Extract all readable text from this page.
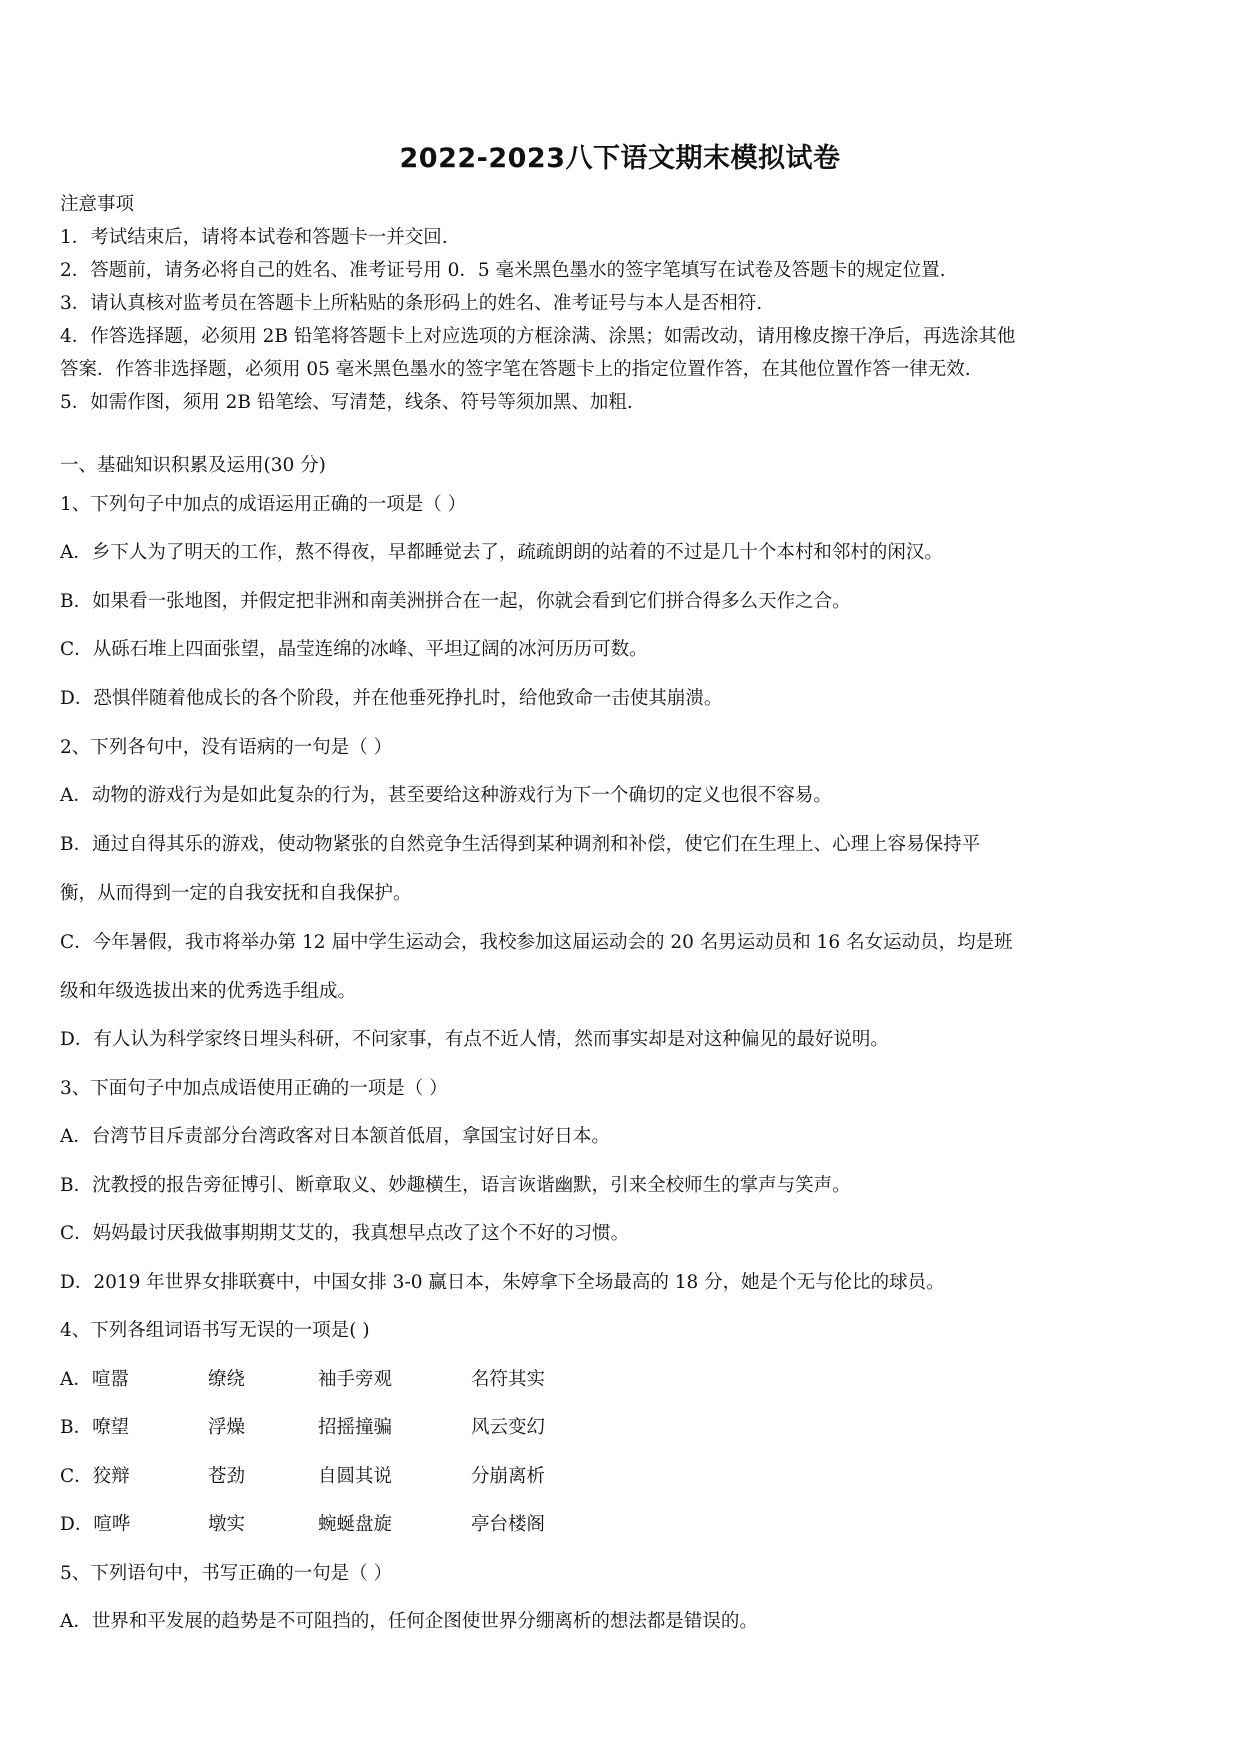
2022-2023八下语文期末模拟试卷
注意事项
1．考试结束后，请将本试卷和答题卡一并交回.
2．答题前，请务必将自己的姓名、准考证号用 0．5 毫米黑色墨水的签字笔填写在试卷及答题卡的规定位置.
3．请认真核对监考员在答题卡上所粘贴的条形码上的姓名、准考证号与本人是否相符.
4．作答选择题，必须用 2B 铅笔将答题卡上对应选项的方框涂满、涂黑；如需改动，请用橡皮擦干净后，再选涂其他
答案．作答非选择题，必须用 05 毫米黑色墨水的签字笔在答题卡上的指定位置作答，在其他位置作答一律无效.
5．如需作图，须用 2B 铅笔绘、写清楚，线条、符号等须加黑、加粗.
一、基础知识积累及运用(30 分)
1、下列句子中加点的成语运用正确的一项是（ ）
A．乡下人为了明天的工作，熬不得夜，早都睡觉去了，疏疏朗朗的站着的不过是几十个本村和邻村的闲汉。
B．如果看一张地图，并假定把非洲和南美洲拼合在一起，你就会看到它们拼合得多么天作之合。
C．从砾石堆上四面张望，晶莹连绵的冰峰、平坦辽阔的冰河历历可数。
D．恐惧伴随着他成长的各个阶段，并在他垂死挣扎时，给他致命一击使其崩溃。
2、下列各句中，没有语病的一句是（ ）
A．动物的游戏行为是如此复杂的行为，甚至要给这种游戏行为下一个确切的定义也很不容易。
B．通过自得其乐的游戏，使动物紧张的自然竞争生活得到某种调剂和补偿，使它们在生理上、心理上容易保持平
衡，从而得到一定的自我安抚和自我保护。
C．今年暑假，我市将举办第 12 届中学生运动会，我校参加这届运动会的 20 名男运动员和 16 名女运动员，均是班
级和年级选拔出来的优秀选手组成。
D．有人认为科学家终日埋头科研，不问家事，有点不近人情，然而事实却是对这种偏见的最好说明。
3、下面句子中加点成语使用正确的一项是（ ）
A．台湾节目斥责部分台湾政客对日本颔首低眉，拿国宝讨好日本。
B．沈教授的报告旁征博引、断章取义、妙趣横生，语言诙谐幽默，引来全校师生的掌声与笑声。
C．妈妈最讨厌我做事期期艾艾的，我真想早点改了这个不好的习惯。
D．2019 年世界女排联赛中，中国女排 3-0 赢日本，朱婷拿下全场最高的 18 分，她是个无与伦比的球员。
4、下列各组词语书写无误的一项是( )
A．喧嚣	缭绕	袖手旁观	名符其实
B．嘹望	浮燥	招摇撞骗	风云变幻
C．狡辩	苍劲	自圆其说	分崩离析
D．喧哗	墩实	蜿蜒盘旋	亭台楼阁
5、下列语句中，书写正确的一句是（ ）
A．世界和平发展的趋势是不可阻挡的，任何企图使世界分绷离析的想法都是错误的。
